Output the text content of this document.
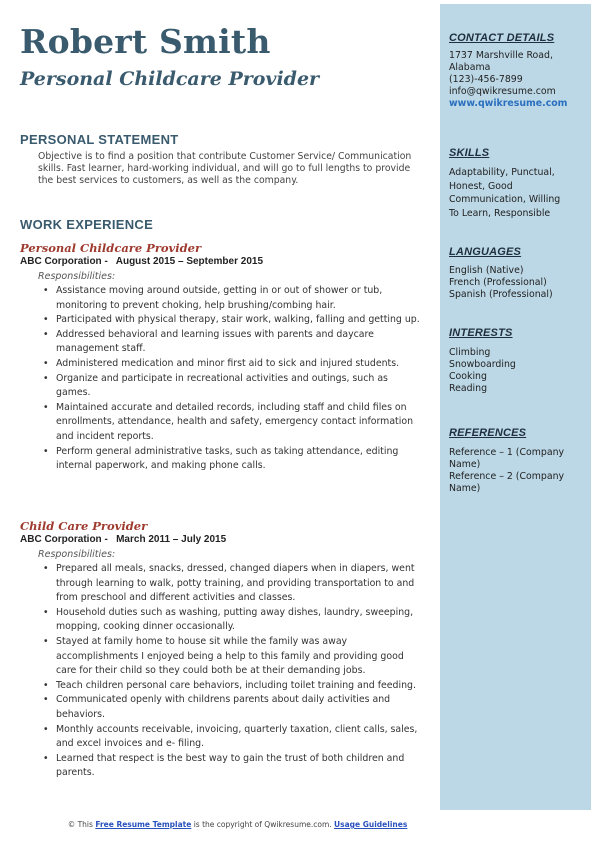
Robert Smith
Personal Childcare Provider
PERSONAL STATEMENT

Objective is to find a position that contribute Customer Service/ Communication skills. Fast learner, hard-working individual, and will go to full lengths to provide the best services to customers, as well as the company.

WORK EXPERIENCE

Personal Childcare Provider

ABC Corporation -   August 2015 – September 2015

Responsibilities:

• Assistance moving around outside, getting in or out of shower or tub, monitoring to prevent choking, help brushing/combing hair.
• Participated with physical therapy, stair work, walking, falling and getting up.
• Addressed behavioral and learning issues with parents and daycare management staff.
• Administered medication and minor first aid to sick and injured students.
• Organize and participate in recreational activities and outings, such as games.
• Maintained accurate and detailed records, including staff and child files on enrollments, attendance, health and safety, emergency contact information and incident reports.
• Perform general administrative tasks, such as taking attendance, editing internal paperwork, and making phone calls.

Child Care Provider

ABC Corporation -   March 2011 – July 2015

Responsibilities:

• Prepared all meals, snacks, dressed, changed diapers when in diapers, went through learning to walk, potty training, and providing transportation to and from preschool and different activities and classes.
• Household duties such as washing, putting away dishes, laundry, sweeping, mopping, cooking dinner occasionally.
• Stayed at family home to house sit while the family was away accomplishments I enjoyed being a help to this family and providing good care for their child so they could both be at their demanding jobs.
• Teach children personal care behaviors, including toilet training and feeding.
• Communicated openly with childrens parents about daily activities and behaviors.
• Monthly accounts receivable, invoicing, quarterly taxation, client calls, sales, and excel invoices and e- filing.
• Learned that respect is the best way to gain the trust of both children and parents.

CONTACT DETAILS

1737 Marshville Road,

Alabama

(123)-456-7899

info@qwikresume.com

www.qwikresume.com

SKILLS

Adaptability, Punctual,

Honest, Good

Communication, Willing

To Learn, Responsible

LANGUAGES

English (Native)

French (Professional)

Spanish (Professional)

INTERESTS

Climbing

Snowboarding

Cooking

Reading

REFERENCES

Reference – 1 (Company

Name)

Reference – 2 (Company

Name)

© This Free Resume Template is the copyright of Qwikresume.com. Usage Guidelines
